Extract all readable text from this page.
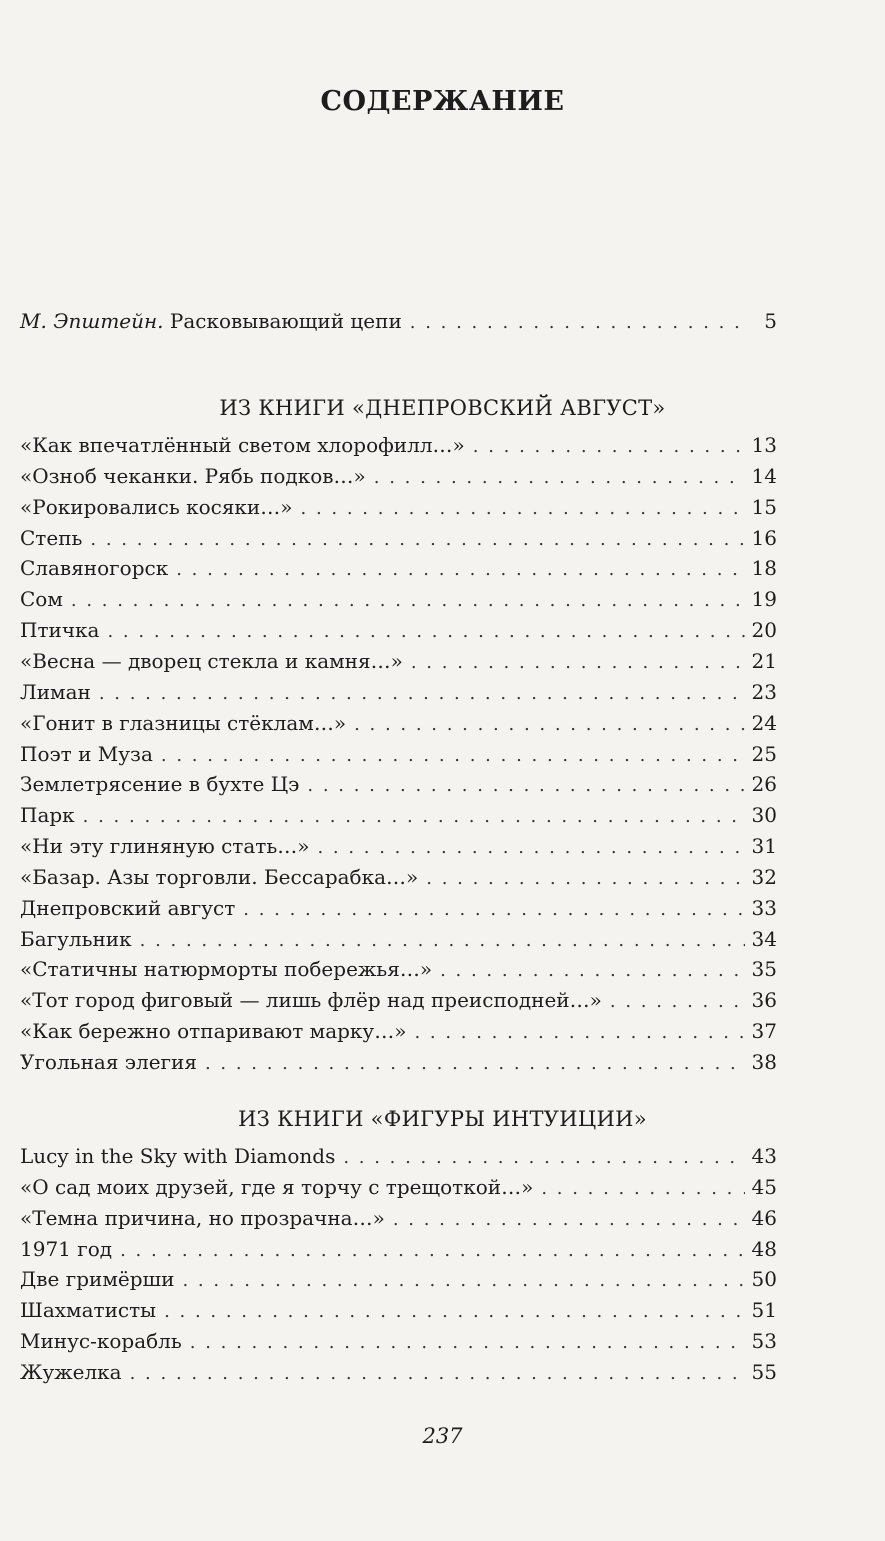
СОДЕРЖАНИЕ
М. Эпштейн. Расковывающий цепи . . .	5
ИЗ КНИГИ «ДНЕПРОВСКИЙ АВГУСТ»
«Как впечатлённый светом хлорофилл…» . . .	13
«Озноб чеканки. Рябь подков…» . . .	14
«Рокировались косяки…» . . .	15
Степь . . .	16
Славяногорск . . .	18
Сом . . .	19
Птичка . . .	20
«Весна — дворец стекла и камня…» . . .	21
Лиман . . .	23
«Гонит в глазницы стёклам…» . . .	24
Поэт и Муза . . .	25
Землетрясение в бухте Цэ . . .	26
Парк . . .	30
«Ни эту глиняную стать…» . . .	31
«Базар. Азы торговли. Бессарабка…» . . .	32
Днепровский август . . .	33
Багульник . . .	34
«Статичны натюрморты побережья…» . . .	35
«Тот город фиговый — лишь флёр над преисподней…» . . .	36
«Как бережно отпаривают марку…» . . .	37
Угольная элегия . . .	38
ИЗ КНИГИ «ФИГУРЫ ИНТУИЦИИ»
Lucy in the Sky with Diamonds . . .	43
«О сад моих друзей, где я торчу с трещоткой…» . . .	45
«Темна причина, но прозрачна…» . . .	46
1971 год . . .	48
Две гримёрши . . .	50
Шахматисты . . .	51
Минус-корабль . . .	53
Жужелка . . .	55
237
